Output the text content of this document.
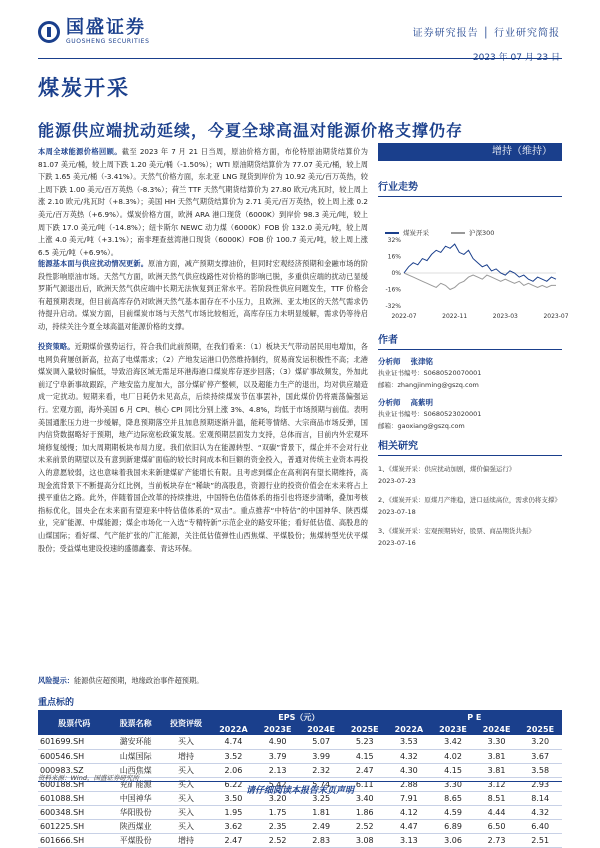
国盛证券
GUOSHENG SECURITIES
证券研究报告 │ 行业研究简报
2023 年 07 月 23 日
煤炭开采
能源供应端扰动延续，今夏全球高温对能源价格支撑仍存
增持（维持）

本周全球能源价格回顾。截至 2023 年 7 月 21 日当周，原油价格方面，布伦特原油期货结算价为 81.07 美元/桶，较上周下跌 1.20 美元/桶（-1.50%）；WTI 原油期货结算价为 77.07 美元/桶，较上周下跌 1.65 美元/桶（-3.41%）。天然气价格方面，东北亚 LNG 现货到岸价为 10.92 美元/百万英热，较上周下跌 1.00 美元/百万英热（-8.3%）；荷兰 TTF 天然气期货结算价为 27.80 欧元/兆瓦时，较上周上涨 2.10 欧元/兆瓦时（+8.3%）；美国 HH 天然气期货结算价为 2.71 美元/百万英热，较上周上涨 0.2 美元/百万英热（+6.9%）。煤炭价格方面，欧洲 ARA 港口现货（6000K）到岸价 98.3 美元/吨，较上周下跌 17.0 美元/吨（-14.8%）；纽卡斯尔 NEWC 动力煤（6000K）FOB 价 132.0 美元/吨，较上周上涨 4.0 美元/吨（+3.1%）；南非理查兹湾港口现货（6000K）FOB 价 100.7 美元/吨，较上周上涨 6.5 美元/吨（+6.9%）。

能源基本面与供应扰动情况更新。原油方面，减产预期支撑油价，但同时宏观经济预期和金融市场的阶段性影响原油市场。天然气方面，欧洲天然气供应线路性对价格的影响已脱，多重供应端的扰动已显缓罗斯气源退出后，欧洲天然气供应端中长期无法恢复到正常水平。若阶段性供应问题发生，TTF 价格会有超预期表现，但目前高库存仍对欧洲天然气基本面存在不小压力，且欧洲、亚太地区的天然气需求仍待提升启动。煤炭方面，目前煤炭市场与天然气市场比较相近，高库存压力未明显缓解，需求仍等待启动，持续关注今夏全球高温对能源价格的支撑。

投资策略。近期煤价强势运行，符合我们此前预期，在我们看来：（1）板块天气带动居民用电增加，各电网负荷屡创新高，拉高了电煤需求；（2）产地发运港口仍然维持制约，贸易商发运积极性不高；北港煤炭调入量较时偏低，导致沿海区域无需足环港海港口煤炭库存逐步回落；（3）煤矿事故频发，外加此前辽宁阜新事故跟踪，产地安监力度加大，部分煤矿停产整顿，以及超能力生产的退出，均对供应端造成一定扰动。短期来看，电厂日耗仍未见高点，后续持续煤炭节伍事罢补，国此煤价仍将震荡偏强运行。宏观方面，海外美国 6 月 CPI、核心 CPI 同比分别上涨 3%、4.8%，均低于市场预期与前值。表明美国通胀压力进一步缓解，降息预期落空并且加息预期逐渐升温，能耗等情绪、大宗商品市场反弹，国内信贷数据略好于预期，地产边际宽松政策发展。宏观预期层面发力支持，总体而言，目前内外宏观环境修复缓慢；加大周期期板块布局力度。我们依旧认为在能源转型、“双碳”背景下，煤企并不会对行业未来前景的期望以及有意到新建煤矿面临的较长时间成本和巨额的资金投入，普通对传统主业资本再投入的意愿较弱，这也意味着我国未来新建煤矿产能增长有限。且考虑到煤企在高利润有望长期维持，高现金流背景下不断提高分红比例，当前板块存在“稀缺”的高股息，资源行业的投资价值会在未来将占上摸平重估之路。此外，伴随着国企改革的持续推进，中国特色估值体系的指引也将逐步清晰，叠加考核指标优化，国央企在未来面有望迎来中特估值体系的“双击”。重点推荐“中特估”的中国神华、陕西煤业，完矿能源、中煤能源；煤企市场化一入选“专精特新”示范企业的路安环能；看好低估值、高股息的山煤国际；看好煤、气产能扩张的广汇能源，关注低估值弹性山西焦煤、平煤股份；焦煤转型光伏平煤股份；受益煤电建设投速的盛德鑫泰、青达环保。

风险提示：能源供应超预期，地缘政治事件超预期。

行业走势
煤炭开采	沪深300
32%
16%
0%
-16%
-32%
2022-07	2022-11	2023-03	2023-07
作者
分析师 张津铭
执业证书编号：S0680520070001
邮箱：zhangjinming@gszq.com
分析师 高紫明
执业证书编号：S0680523020001
邮箱：gaoxiang@gszq.com
相关研究
1、《煤炭开采：供应扰动加剧，煤价偏强运行》
2023-07-23
2、《煤炭开采：原煤月产维稳，进口延续高位，需求仍将支撑》
2023-07-18
3、《煤炭开采：宏观预期转好，股票、商品期货共振》
2023-07-16
重点标的
股票代码	股票名称	投资评级	EPS（元）				P E			
			2022A	2023E	2024E	2025E	2022A	2023E	2024E	2025E
601699.SH	潞安环能	买入	4.74	4.90	5.07	5.23	3.53	3.42	3.30	3.20
600546.SH	山煤国际	增持	3.52	3.79	3.99	4.15	4.32	4.02	3.81	3.67
000983.SZ	山西焦煤	买入	2.06	2.13	2.32	2.47	4.30	4.15	3.81	3.58
600188.SH	兖矿能源	买入	6.22	5.42	5.74	6.11	2.88	3.30	3.12	2.93
601088.SH	中国神华	买入	3.50	3.20	3.25	3.40	7.91	8.65	8.51	8.14
600348.SH	华阳股份	买入	1.95	1.75	1.81	1.86	4.12	4.59	4.44	4.32
601225.SH	陕西煤业	买入	3.62	2.35	2.49	2.52	4.47	6.89	6.50	6.40
601666.SH	平煤股份	增持	2.47	2.52	2.83	3.08	3.13	3.06	2.73	2.51
资料来源：Wind，国盛证券研究所
请仔细阅读本报告末页声明
